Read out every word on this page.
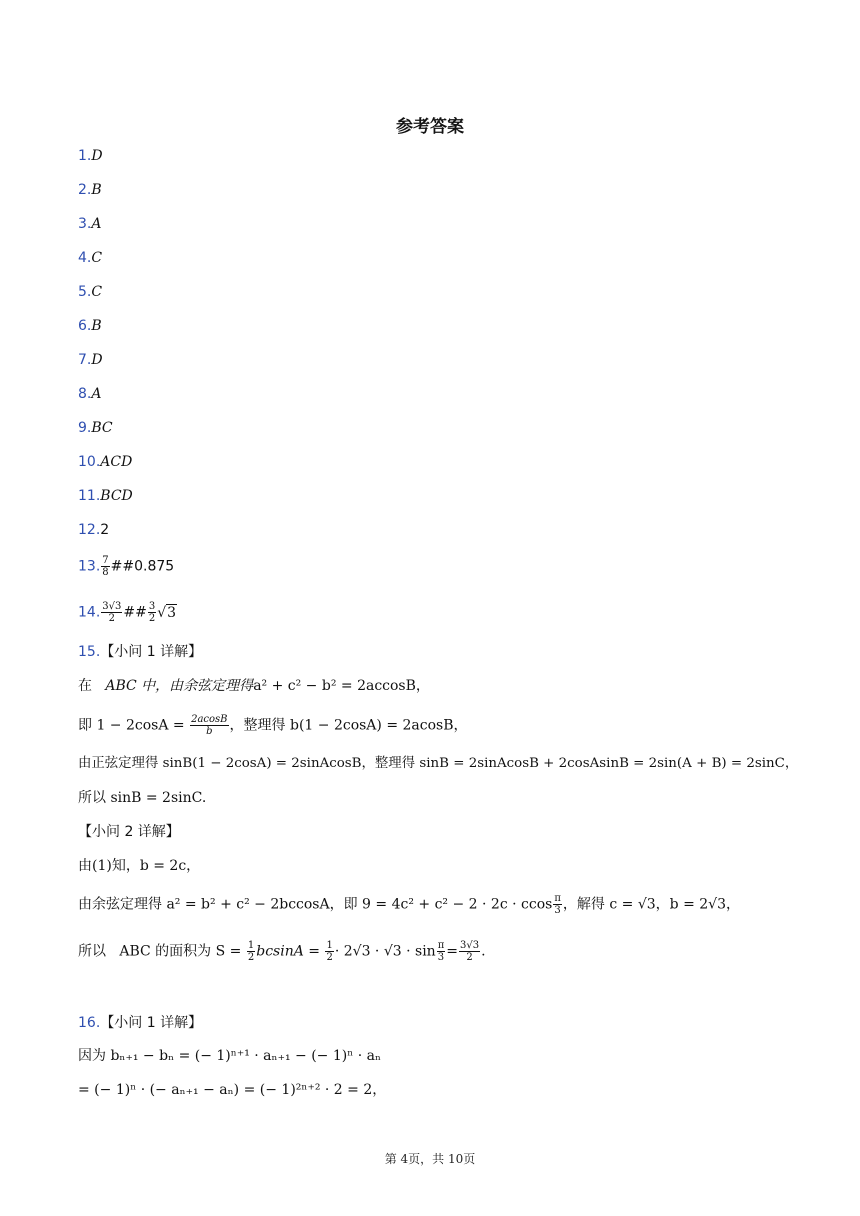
参考答案
1.D
2.B
3.A
4.C
5.C
6.B
7.D
8.A
9.BC
10.ACD
11.BCD
12.2
13. $\frac{7}{8}$ ##0.875
14. $\frac{3√3}{2}$ ## $\frac{3}{2} √3$
15.【小问 1 详解】
在   ABC 中，由余弦定理得a² + c² − b² = 2accosB，
即 $1 - 2\cos A = \frac{2acosB}{b}$ ，整理得 b(1 − 2cosA) = 2acosB，
由正弦定理得 sinB(1 − 2cosA) = 2sinAcosB，整理得 sinB = 2sinAcosB + 2cosAsinB = 2sin(A + B) = 2sinC，
所以 sinB = 2sinC.
【小问 2 详解】
由(1)知，b = 2c，
由余弦定理得 a² = b² + c² − 2bccosA，即 9 = 4c² + c² − 2 · 2c · ccos $\frac{\pi}{3}$ ，解得 c = √3，b = 2√3，
所以   ABC 的面积为 $S = \frac{1}{2}$ $bcsinA = \frac{1}{2} \cdot 2√3 \cdot √3 \cdot \sin \frac{\pi}{3} = \frac{3√3}{2}$ .
16.【小问 1 详解】
因为 bₙ₊₁ − bₙ = (− 1)ⁿ⁺¹ · aₙ₊₁ − (− 1)ⁿ · aₙ
= (− 1)ⁿ · (− aₙ₊₁ − aₙ) = (− 1)²ⁿ⁺² · 2 = 2，
第 4页，共 10页
